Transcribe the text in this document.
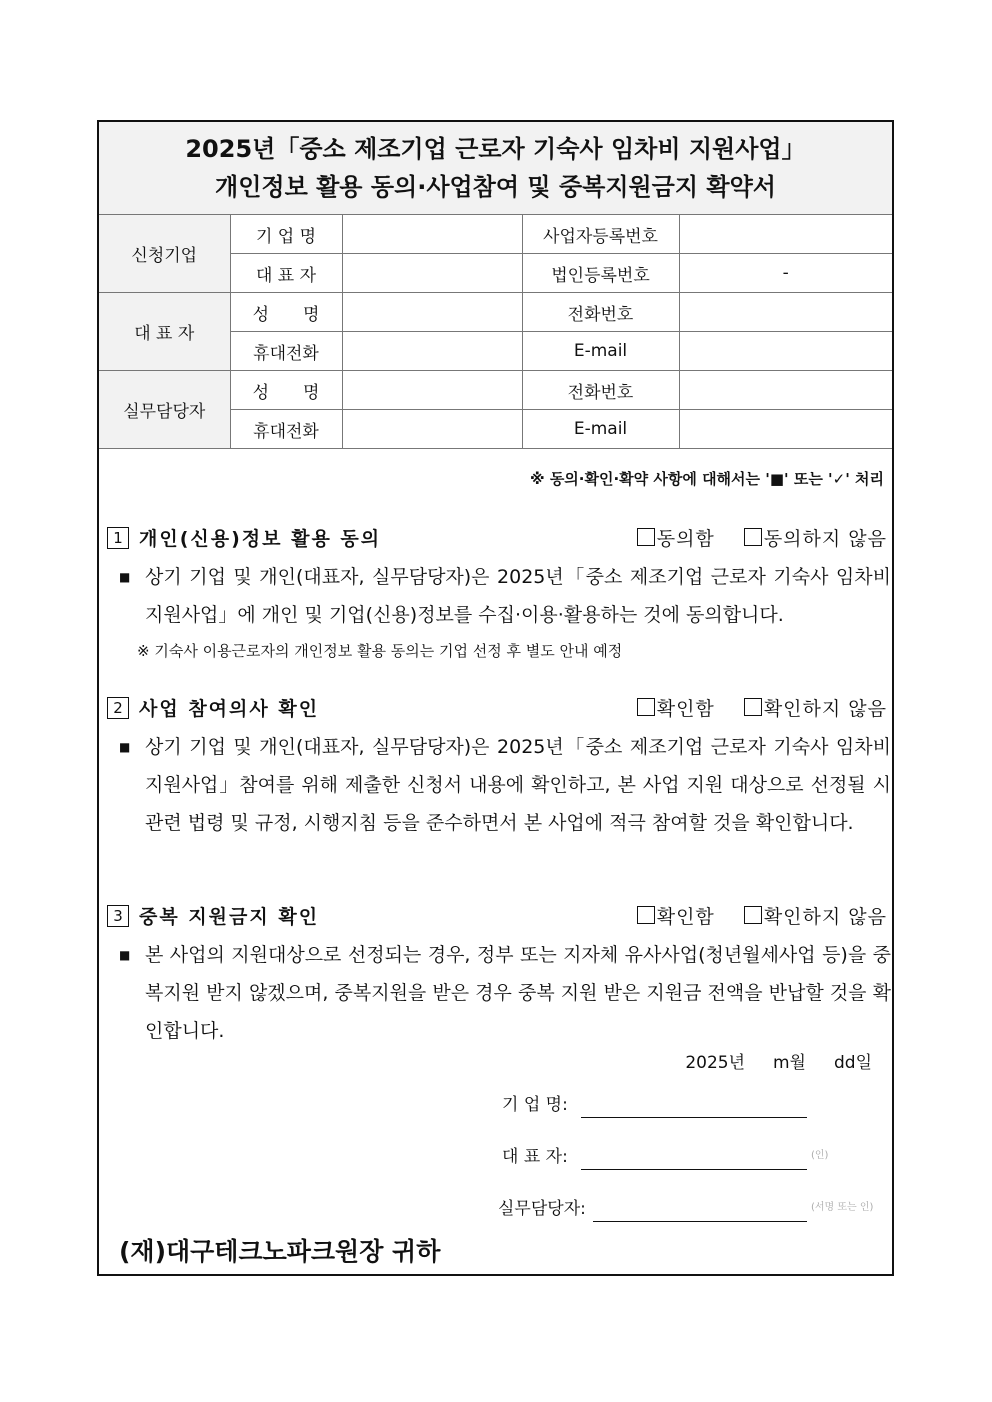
2025년「중소 제조기업 근로자 기숙사 임차비 지원사업」
개인정보 활용 동의·사업참여 및 중복지원금지 확약서
신청기업	기 업 명		사업자등록번호	
	대 표 자		법인등록번호	-
대 표 자	성　　명		전화번호	
	휴대전화		E-mail	
실무담당자	성　　명		전화번호	
	휴대전화		E-mail	
※ 동의·확인·확약 사항에 대해서는 '■' 또는 '✓' 처리
1 개인(신용)정보 활용 동의	동의함	동의하지 않음
■ 상기 기업 및 개인(대표자, 실무담당자)은 2025년「중소 제조기업 근로자 기숙사 임차비 지원사업」에 개인 및 기업(신용)정보를 수집·이용·활용하는 것에 동의합니다.
※ 기숙사 이용근로자의 개인정보 활용 동의는 기업 선정 후 별도 안내 예정
2 사업 참여의사 확인	확인함	확인하지 않음
■ 상기 기업 및 개인(대표자, 실무담당자)은 2025년「중소 제조기업 근로자 기숙사 임차비 지원사업」참여를 위해 제출한 신청서 내용에 확인하고, 본 사업 지원 대상으로 선정될 시 관련 법령 및 규정, 시행지침 등을 준수하면서 본 사업에 적극 참여할 것을 확인합니다.
3 중복 지원금지 확인	확인함	확인하지 않음
■ 본 사업의 지원대상으로 선정되는 경우, 정부 또는 지자체 유사사업(청년월세사업 등)을 중복지원 받지 않겠으며, 중복지원을 받은 경우 중복 지원 받은 지원금 전액을 반납할 것을 확인합니다.
2025년 m월 dd일
기 업 명:
대 표 자:	(인)
실무담당자:	(서명 또는 인)
(재)대구테크노파크원장 귀하
